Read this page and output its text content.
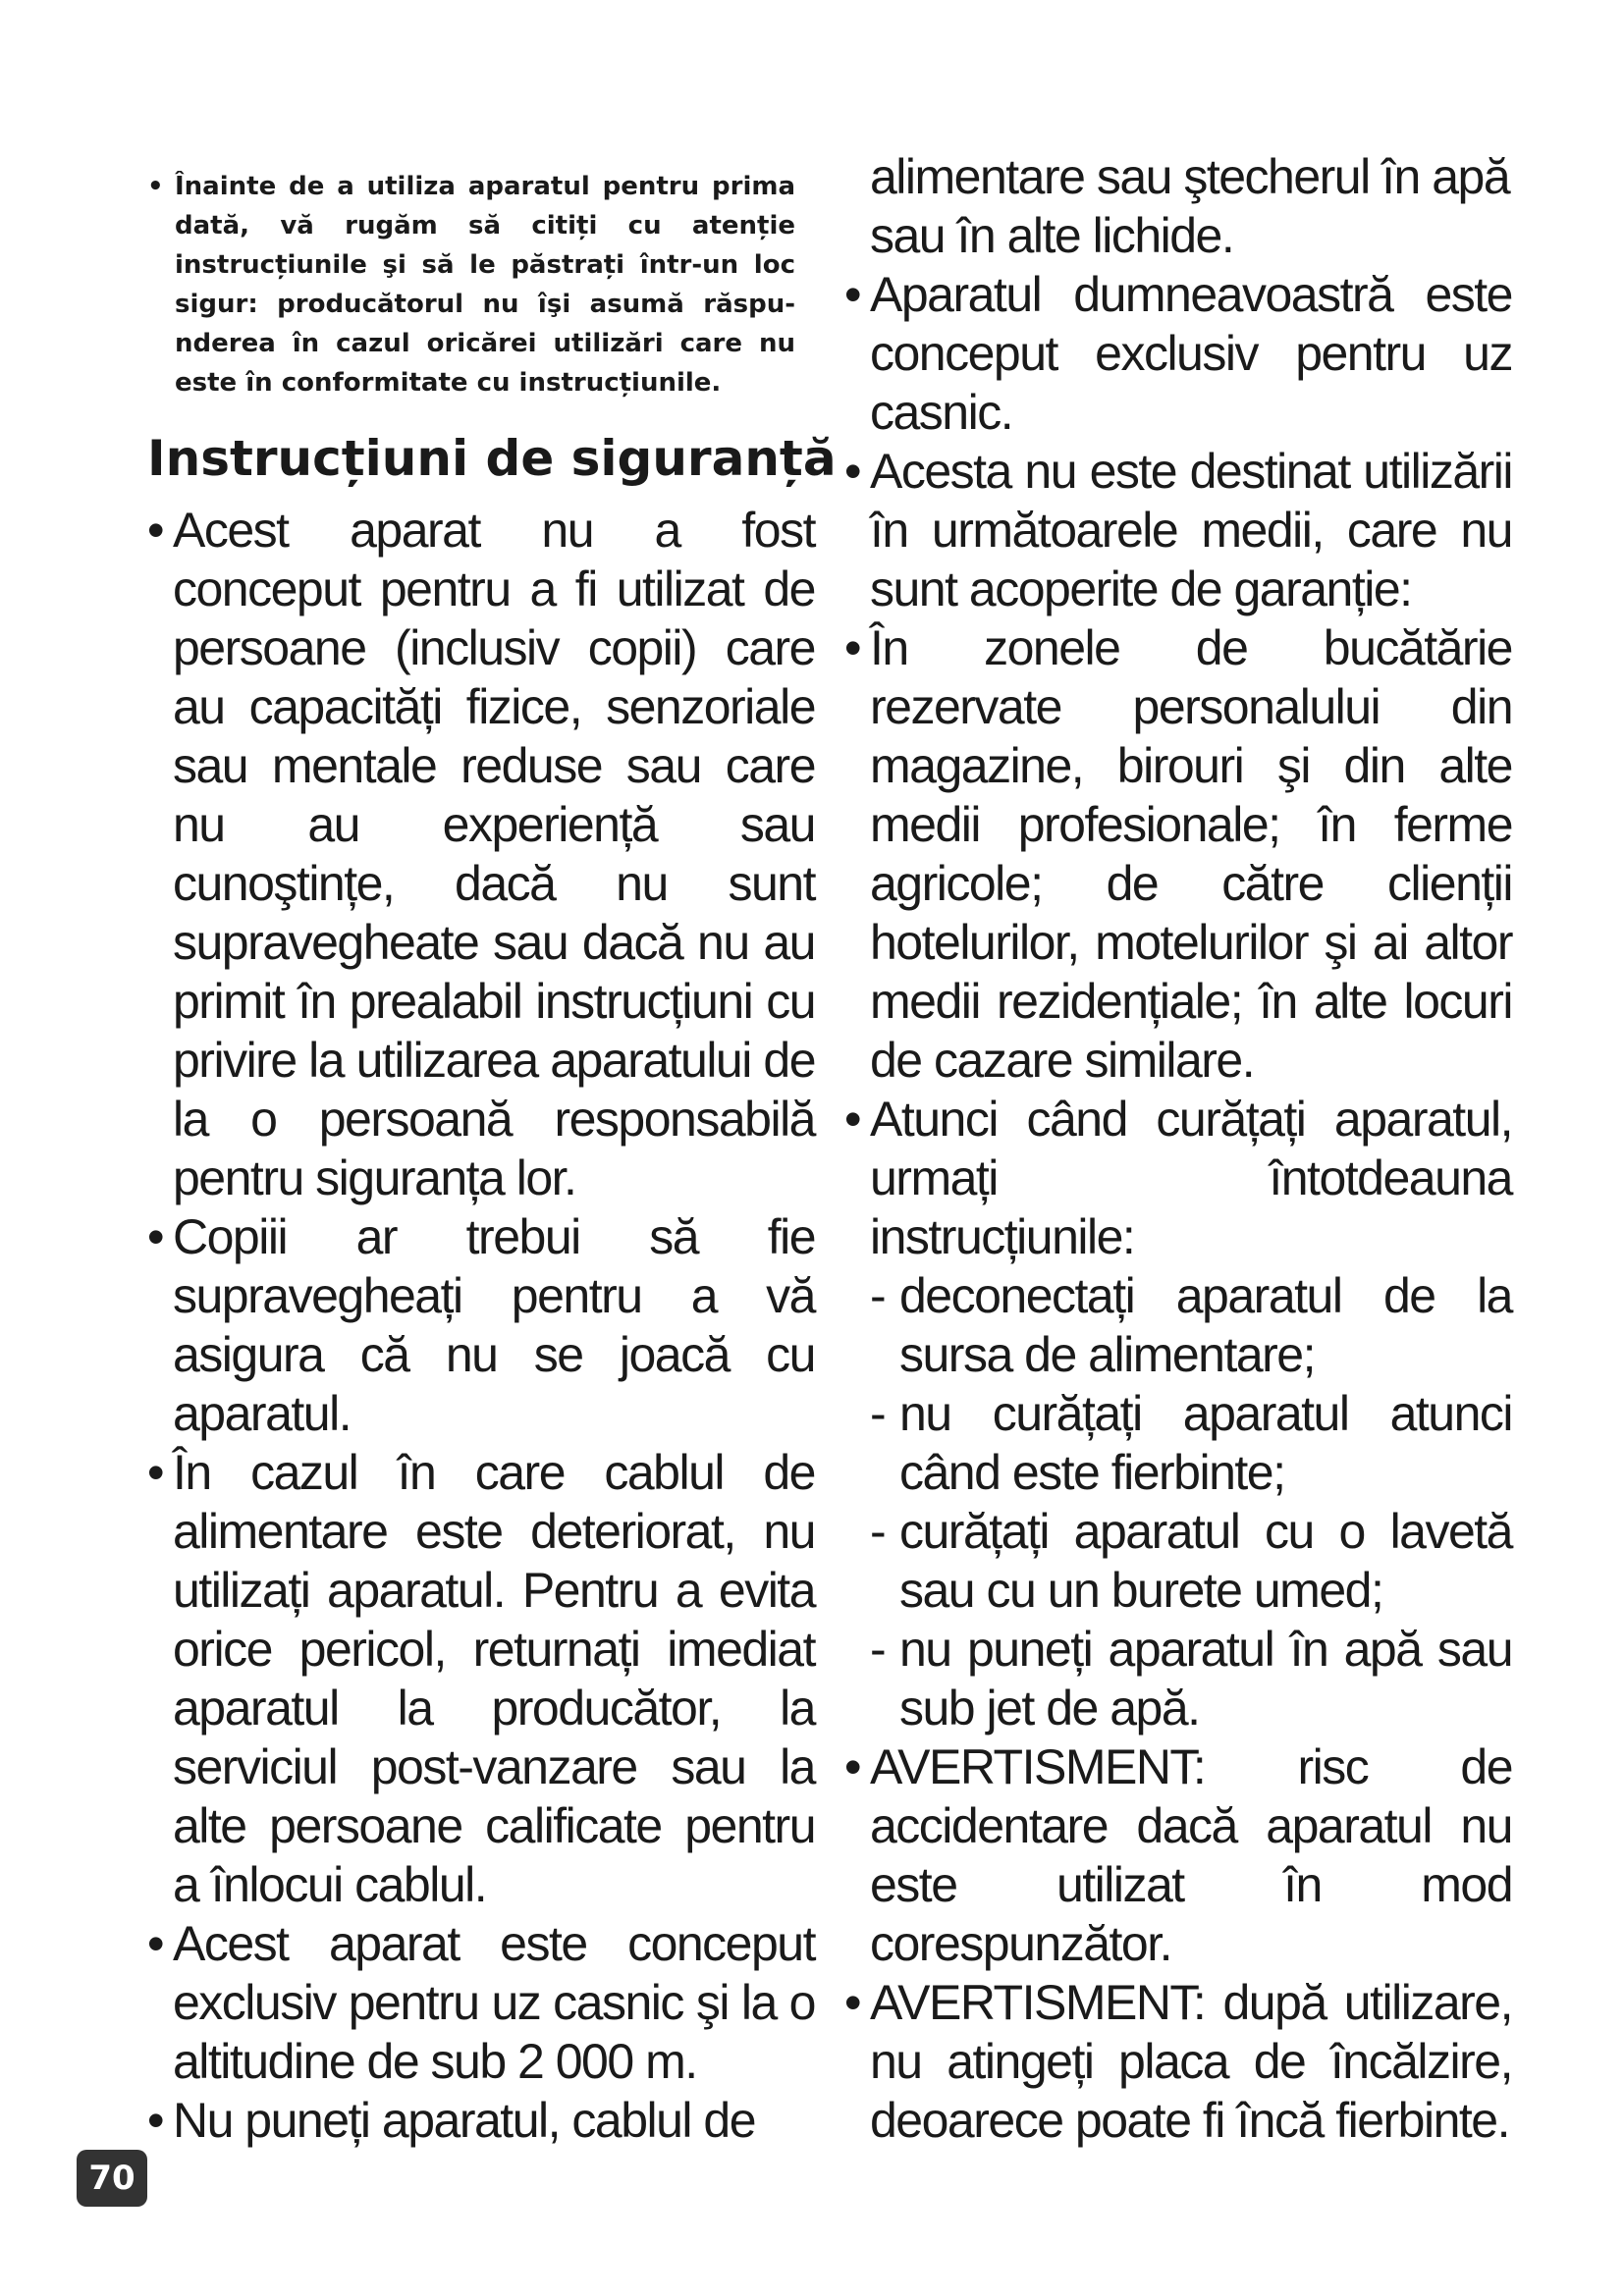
• Înainte de a utiliza aparatul pentru prima dată, vă rugăm să citiți cu atenție instrucțiunile şi să le păstrați într-un loc sigur: producătorul nu îşi asumă răspu-nderea în cazul oricărei utilizări care nu este în conformitate cu instrucțiunile.
Instrucțiuni de siguranță
• Acest aparat nu a fost conceput pentru a fi utilizat de persoane (inclusiv copii) care au capacități fizice, senzoriale sau mentale reduse sau care nu au experiență sau cunoştințe, dacă nu sunt supravegheate sau dacă nu au primit în prealabil instrucțiuni cu privire la utilizarea aparatului de la o persoană responsabilă pentru siguranța lor.
• Copiii ar trebui să fie supravegheați pentru a vă asigura că nu se joacă cu aparatul.
• În cazul în care cablul de alimentare este deteriorat, nu utilizați aparatul. Pentru a evita orice pericol, returnați imediat aparatul la producător, la serviciul post-vanzare sau la alte persoane calificate pentru a înlocui cablul.
• Acest aparat este conceput exclusiv pentru uz casnic şi la o altitudine de sub 2 000 m.
• Nu puneți aparatul, cablul de
alimentare sau ştecherul în apă sau în alte lichide.
• Aparatul dumneavoastră este conceput exclusiv pentru uz casnic.
• Acesta nu este destinat utilizării în următoarele medii, care nu sunt acoperite de garanție:
• În zonele de bucătărie rezervate personalului din magazine, birouri şi din alte medii profesionale; în ferme agricole; de către clienții hotelurilor, motelurilor şi ai altor medii rezidențiale; în alte locuri de cazare similare.
• Atunci când curățați aparatul, urmați întotdeauna instrucțiunile:
- deconectați aparatul de la sursa de alimentare;
- nu curățați aparatul atunci când este fierbinte;
- curățați aparatul cu o lavetă sau cu un burete umed;
- nu puneți aparatul în apă sau sub jet de apă.
• AVERTISMENT: risc de accidentare dacă aparatul nu este utilizat în mod corespunzător.
• AVERTISMENT: după utilizare, nu atingeți placa de încălzire, deoarece poate fi încă fierbinte.
70
